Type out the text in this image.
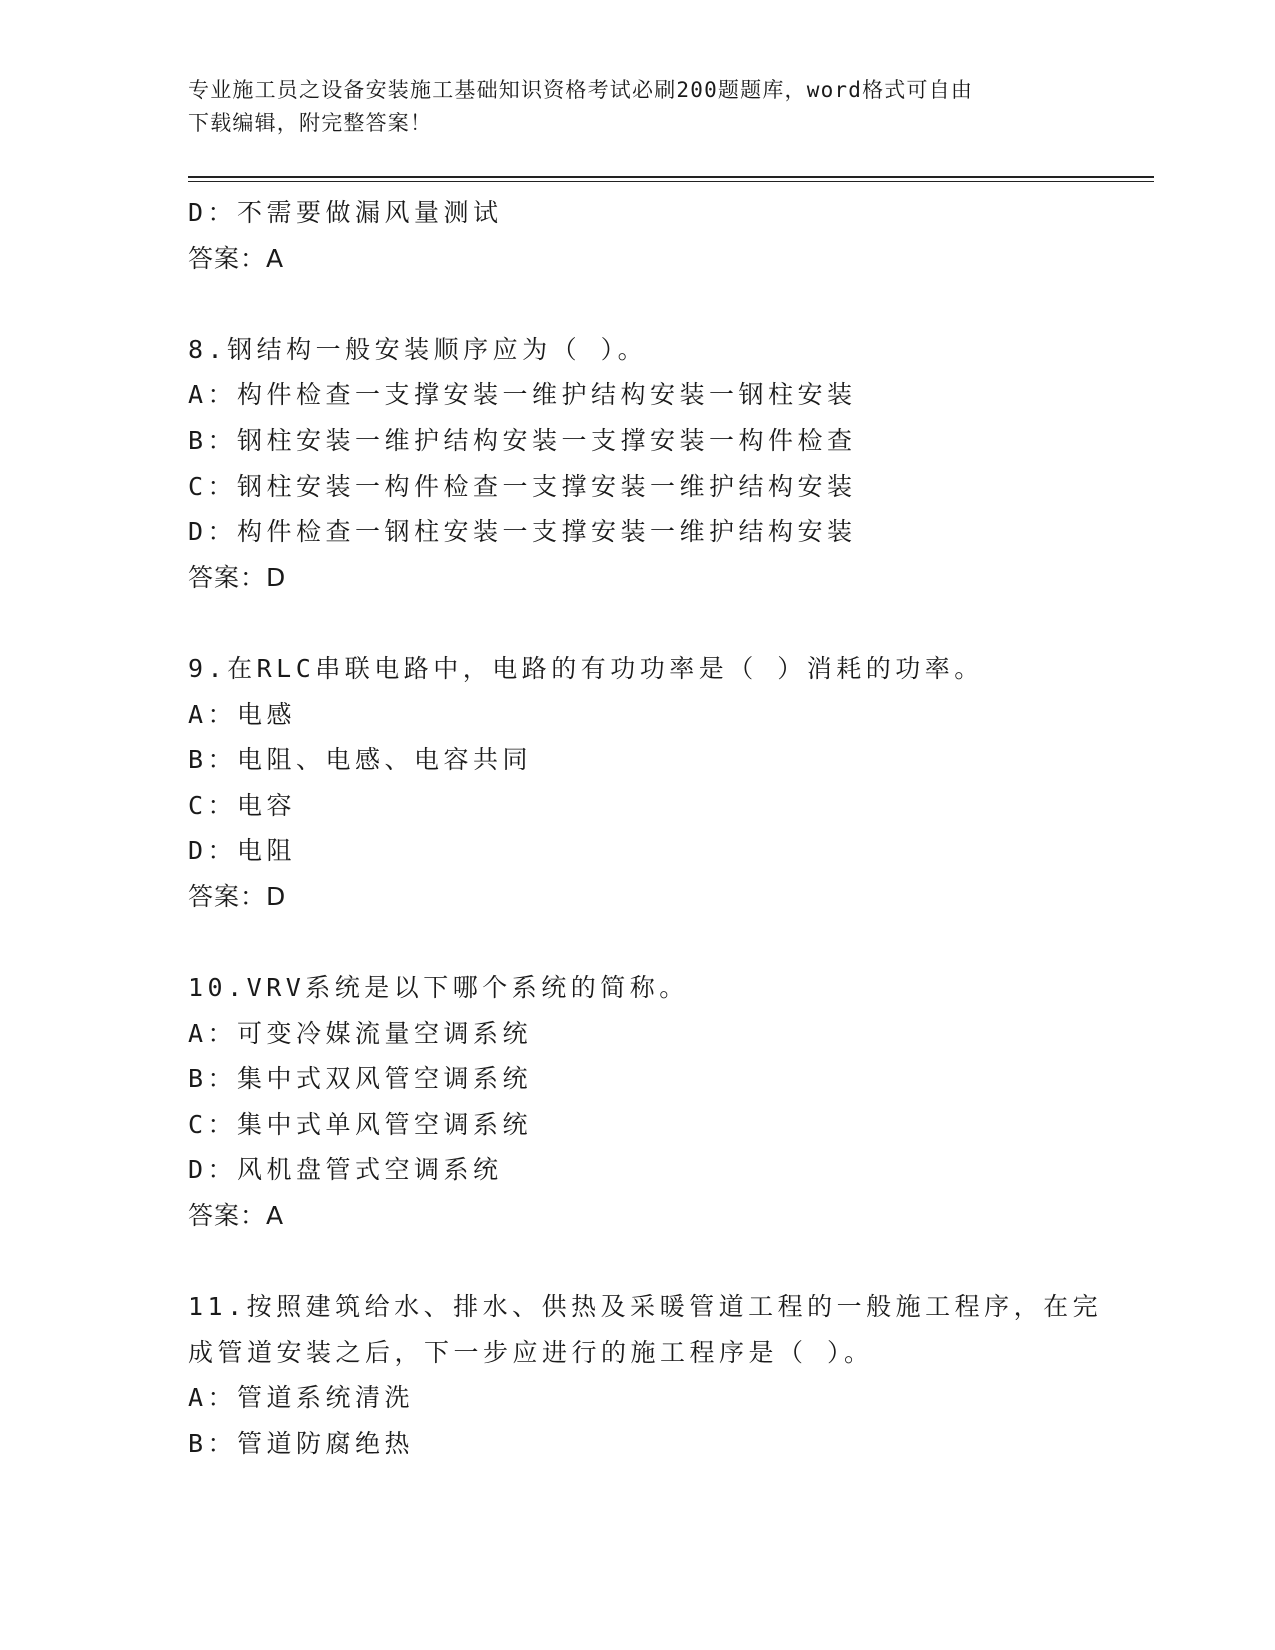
专业施工员之设备安装施工基础知识资格考试必刷200题题库，word格式可自由
下载编辑，附完整答案！
D：不需要做漏风量测试
答案：A
8.钢结构一般安装顺序应为（ ）。
A：构件检查一支撑安装一维护结构安装一钢柱安装
B：钢柱安装一维护结构安装一支撑安装一构件检查
C：钢柱安装一构件检查一支撑安装一维护结构安装
D：构件检查一钢柱安装一支撑安装一维护结构安装
答案：D
9.在RLC串联电路中，电路的有功功率是（ ）消耗的功率。
A：电感
B：电阻、电感、电容共同
C：电容
D：电阻
答案：D
10.VRV系统是以下哪个系统的简称。
A：可变冷媒流量空调系统
B：集中式双风管空调系统
C：集中式单风管空调系统
D：风机盘管式空调系统
答案：A
11.按照建筑给水、排水、供热及采暖管道工程的一般施工程序，在完
成管道安装之后，下一步应进行的施工程序是（ ）。
A：管道系统清洗
B：管道防腐绝热
